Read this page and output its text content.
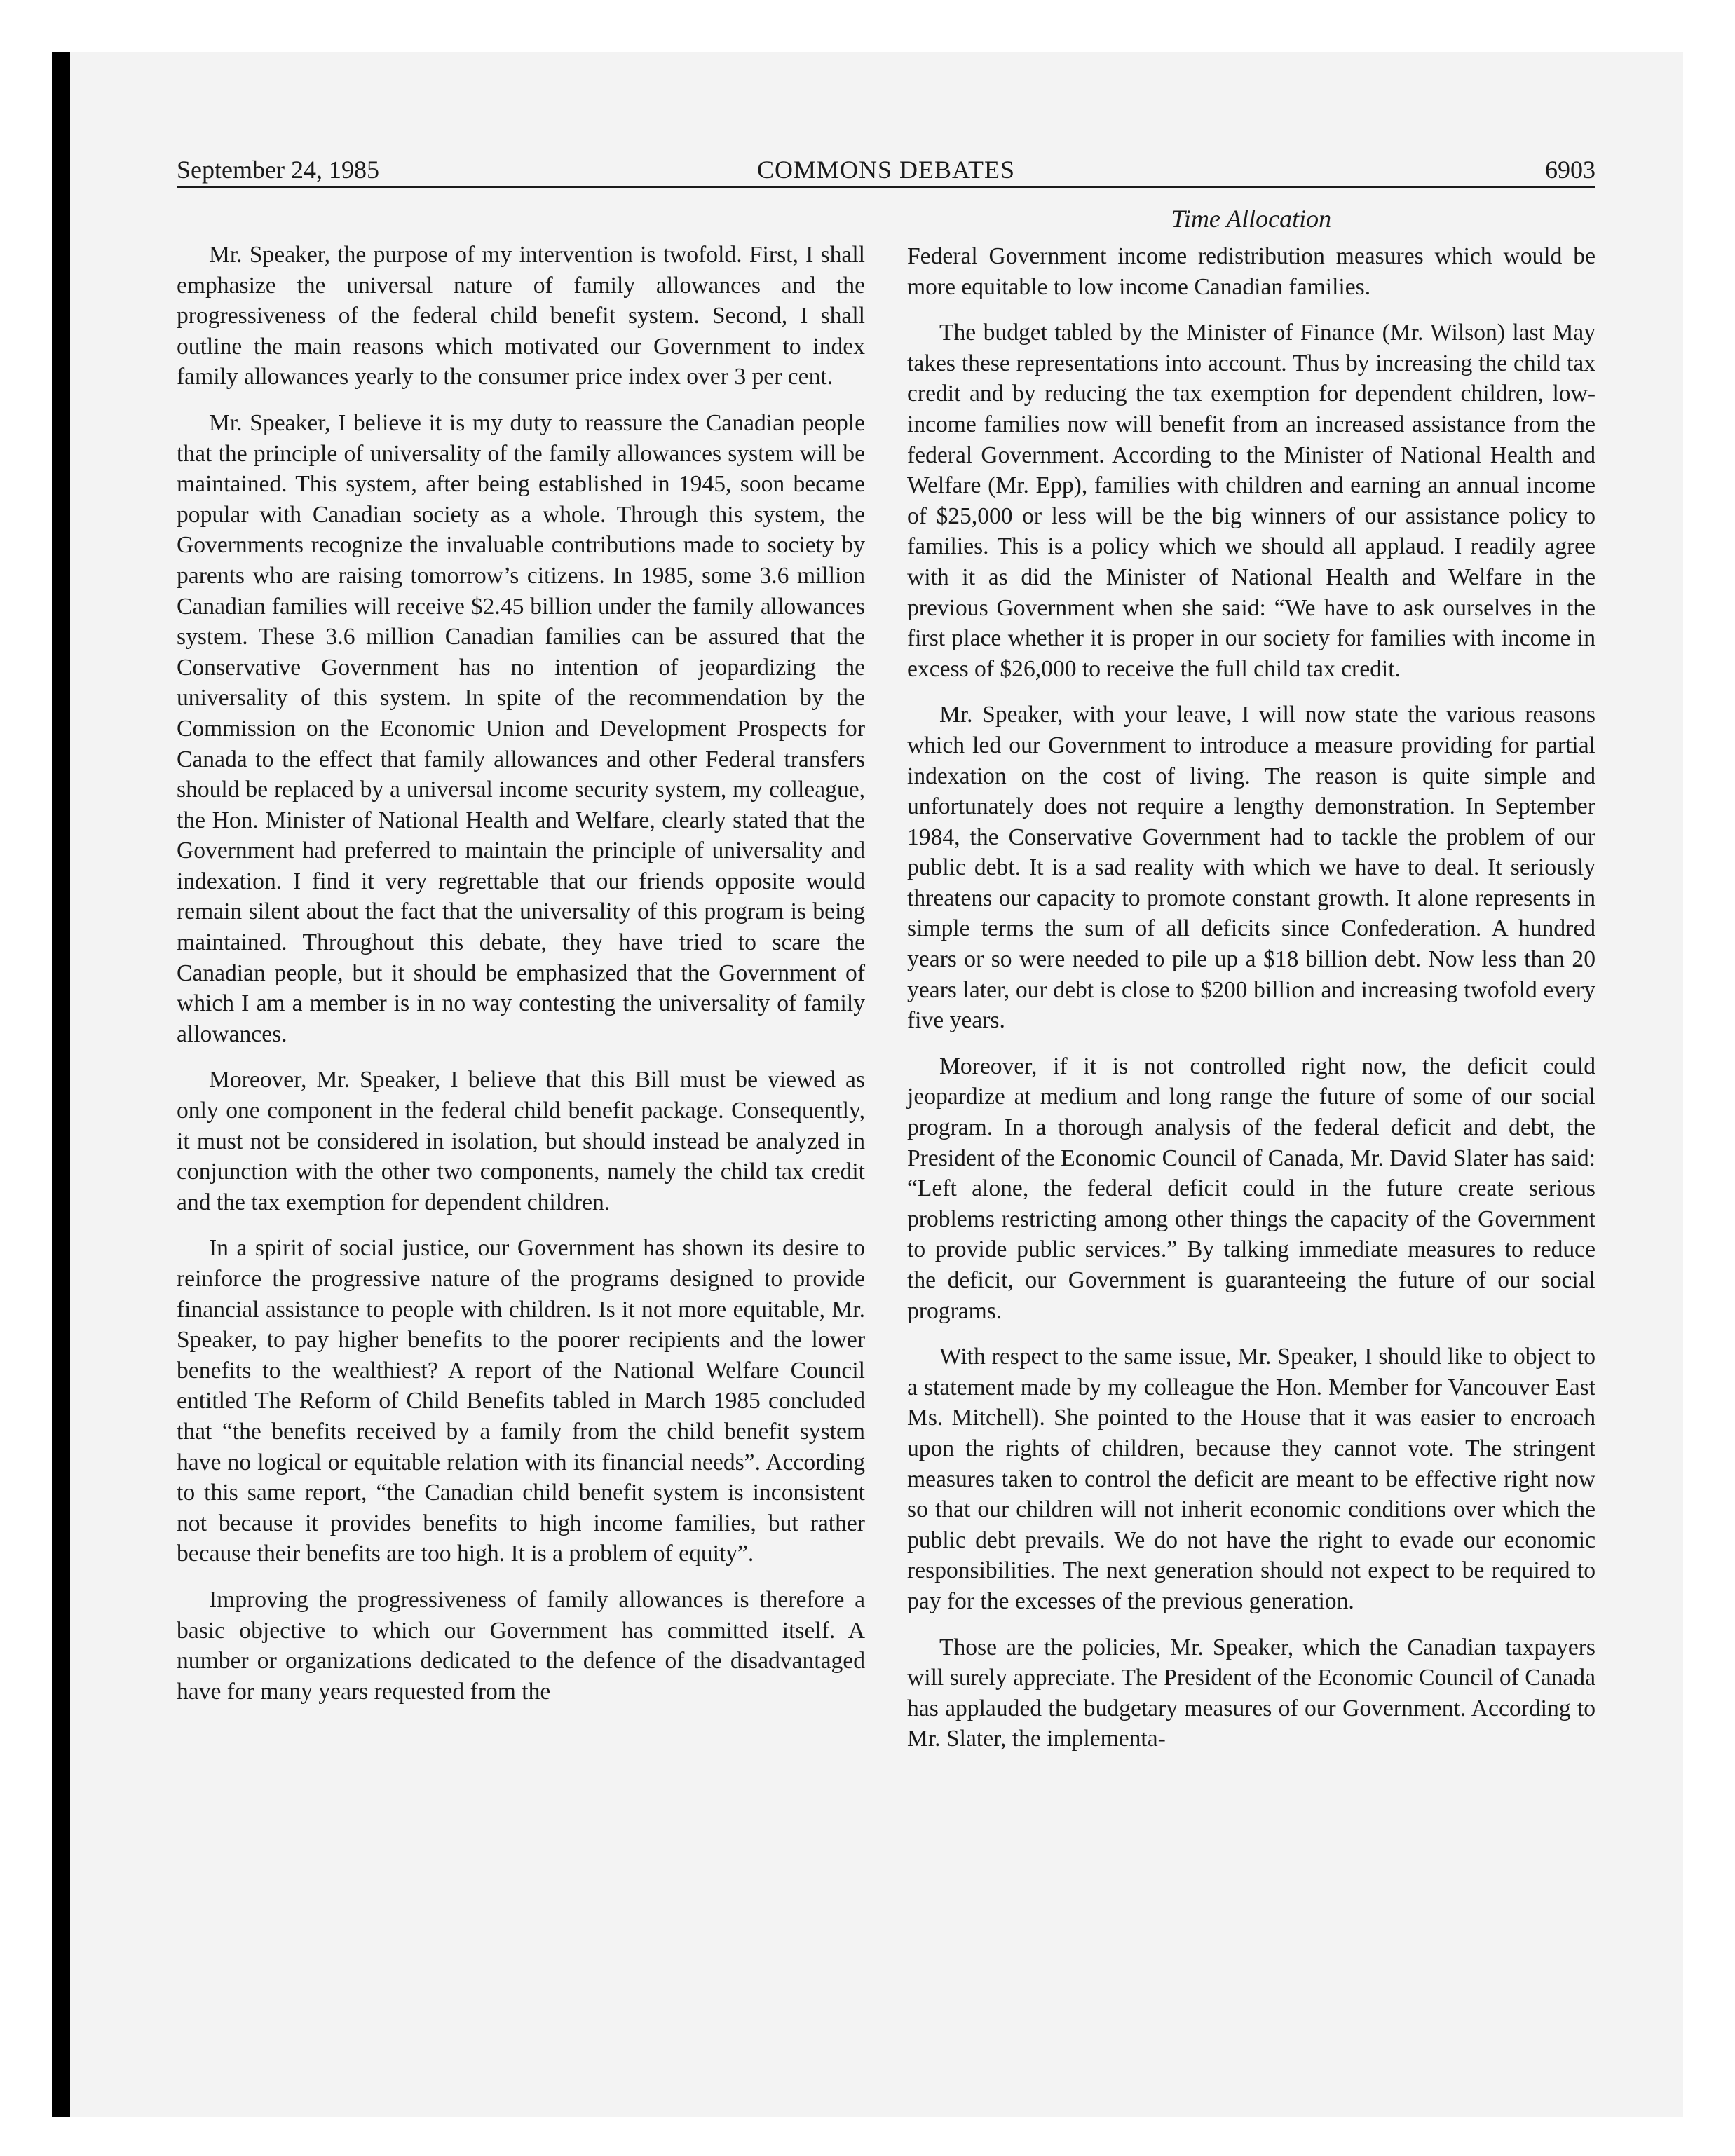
COMMONS DEBATES
September 24, 1985	6903
Time Allocation

Mr. Speaker, the purpose of my intervention is twofold. First, I shall emphasize the universal nature of family allowances and the progressiveness of the federal child benefit system. Second, I shall outline the main reasons which motivated our Government to index family allowances yearly to the consumer price index over 3 per cent.

Mr. Speaker, I believe it is my duty to reassure the Canadian people that the principle of universality of the family allowances system will be maintained. This system, after being established in 1945, soon became popular with Canadian society as a whole. Through this system, the Governments recognize the invaluable contributions made to society by parents who are raising tomorrow’s citizens. In 1985, some 3.6 million Canadian families will receive $2.45 billion under the family allowances system. These 3.6 million Canadian families can be assured that the Conservative Government has no intention of jeopardizing the universality of this system. In spite of the recommendation by the Commission on the Economic Union and Development Prospects for Canada to the effect that family allowances and other Federal transfers should be replaced by a universal income security system, my colleague, the Hon. Minister of National Health and Welfare, clearly stated that the Government had preferred to maintain the principle of universality and indexation. I find it very regrettable that our friends opposite would remain silent about the fact that the universality of this program is being maintained. Throughout this debate, they have tried to scare the Canadian people, but it should be emphasized that the Government of which I am a member is in no way contesting the universality of family allowances.

Moreover, Mr. Speaker, I believe that this Bill must be viewed as only one component in the federal child benefit package. Consequently, it must not be considered in isolation, but should instead be analyzed in conjunction with the other two components, namely the child tax credit and the tax exemption for dependent children.

In a spirit of social justice, our Government has shown its desire to reinforce the progressive nature of the programs designed to provide financial assistance to people with children. Is it not more equitable, Mr. Speaker, to pay higher benefits to the poorer recipients and the lower benefits to the wealthiest? A report of the National Welfare Council entitled The Reform of Child Benefits tabled in March 1985 concluded that “the benefits received by a family from the child benefit system have no logical or equitable relation with its financial needs”. According to this same report, “the Canadian child benefit system is inconsistent not because it provides benefits to high income families, but rather because their benefits are too high. It is a problem of equity”.

Improving the progressiveness of family allowances is therefore a basic objective to which our Government has committed itself. A number or organizations dedicated to the defence of the disadvantaged have for many years requested from the

Federal Government income redistribution measures which would be more equitable to low income Canadian families.

The budget tabled by the Minister of Finance (Mr. Wilson) last May takes these representations into account. Thus by increasing the child tax credit and by reducing the tax exemption for dependent children, low-income families now will benefit from an increased assistance from the federal Government. According to the Minister of National Health and Welfare (Mr. Epp), families with children and earning an annual income of $25,000 or less will be the big winners of our assistance policy to families. This is a policy which we should all applaud. I readily agree with it as did the Minister of National Health and Welfare in the previous Government when she said: “We have to ask ourselves in the first place whether it is proper in our society for families with income in excess of $26,000 to receive the full child tax credit.

Mr. Speaker, with your leave, I will now state the various reasons which led our Government to introduce a measure providing for partial indexation on the cost of living. The reason is quite simple and unfortunately does not require a lengthy demonstration. In September 1984, the Conservative Government had to tackle the problem of our public debt. It is a sad reality with which we have to deal. It seriously threatens our capacity to promote constant growth. It alone represents in simple terms the sum of all deficits since Confederation. A hundred years or so were needed to pile up a $18 billion debt. Now less than 20 years later, our debt is close to $200 billion and increasing twofold every five years.

Moreover, if it is not controlled right now, the deficit could jeopardize at medium and long range the future of some of our social program. In a thorough analysis of the federal deficit and debt, the President of the Economic Council of Canada, Mr. David Slater has said: “Left alone, the federal deficit could in the future create serious problems restricting among other things the capacity of the Government to provide public services.” By talking immediate measures to reduce the deficit, our Government is guaranteeing the future of our social programs.

With respect to the same issue, Mr. Speaker, I should like to object to a statement made by my colleague the Hon. Member for Vancouver East Ms. Mitchell). She pointed to the House that it was easier to encroach upon the rights of children, because they cannot vote. The stringent measures taken to control the deficit are meant to be effective right now so that our children will not inherit economic conditions over which the public debt prevails. We do not have the right to evade our economic responsibilities. The next generation should not expect to be required to pay for the excesses of the previous generation.

Those are the policies, Mr. Speaker, which the Canadian taxpayers will surely appreciate. The President of the Economic Council of Canada has applauded the budgetary measures of our Government. According to Mr. Slater, the implementa-
